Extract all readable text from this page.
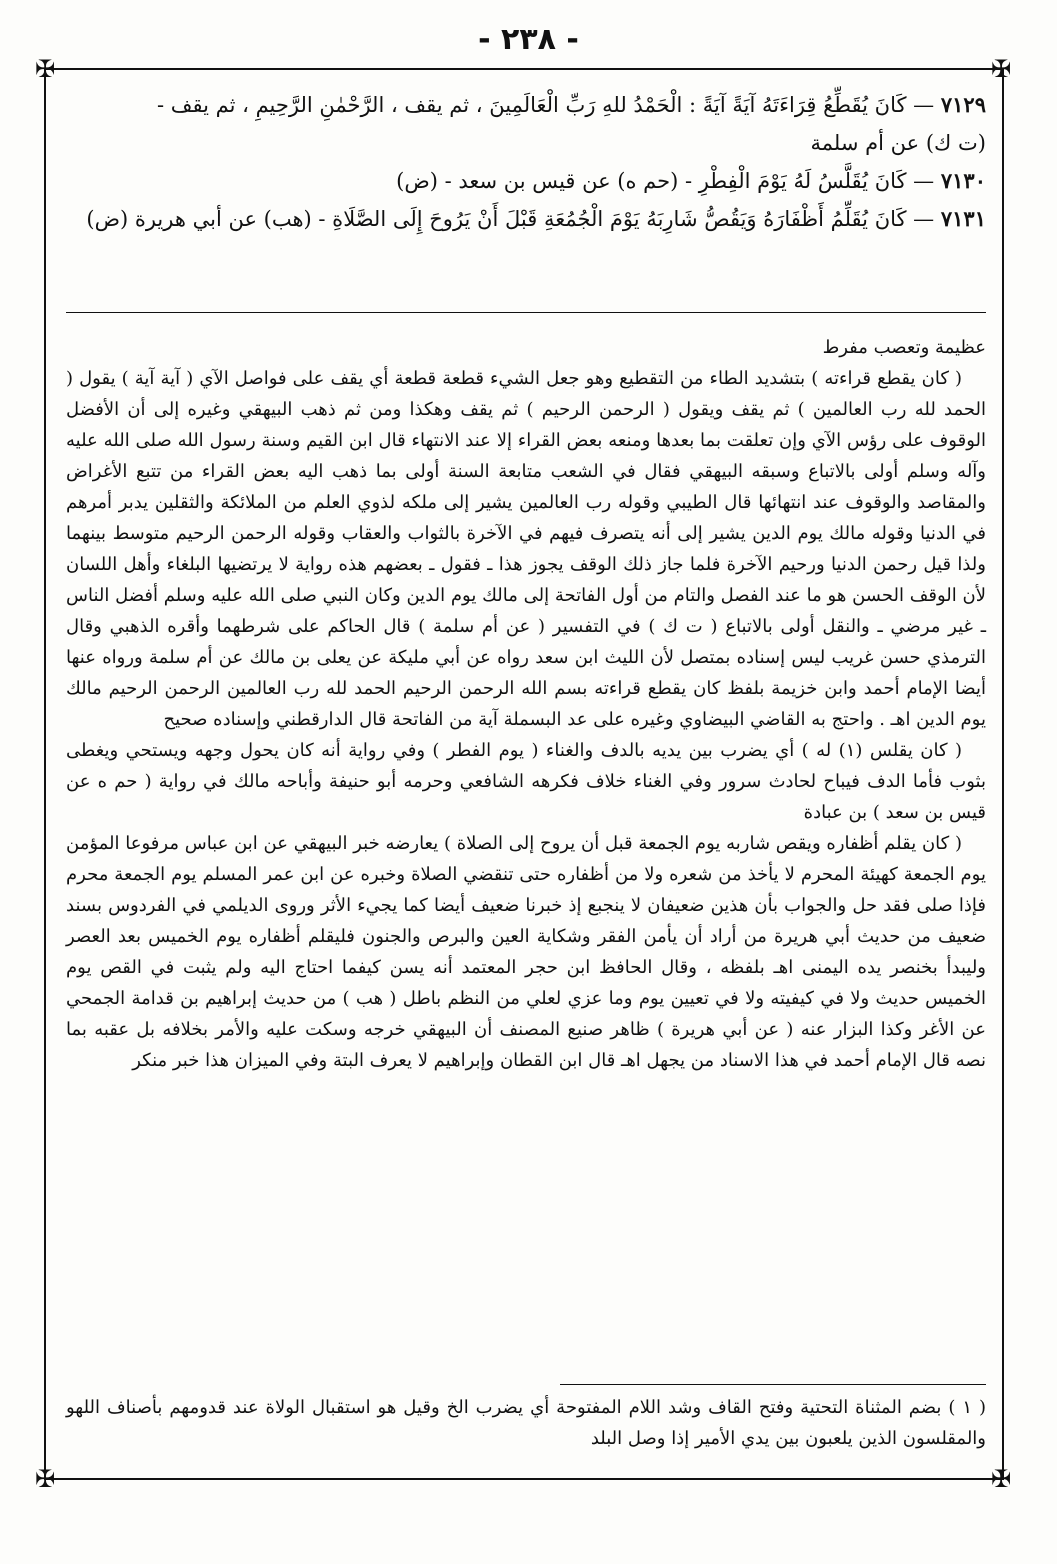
- ٢٣٨ -
✠	✠
✠	✠

٧١٢٩ — كَانَ يُقَطِّعُ قِرَاءَتَهُ آيَةً آيَةً : الْحَمْدُ للهِ رَبِّ الْعَالَمِينَ ، ثم يقف ، الرَّحْمٰنِ الرَّحِيمِ ، ثم يقف -

(ت ك) عن أم سلمة

٧١٣٠ — كَانَ يُقَلَّسُ لَهُ يَوْمَ الْفِطْرِ - (حم ه) عن قيس بن سعد - (ض)

٧١٣١ — كَانَ يُقَلِّمُ أَظْفَارَهُ وَيَقُصُّ شَارِبَهُ يَوْمَ الْجُمُعَةِ قَبْلَ أَنْ يَرُوحَ إِلَى الصَّلَاةِ - (هب) عن أبي هريرة (ض)

عظيمة وتعصب مفرط

( كان يقطع قراءته ) بتشديد الطاء من التقطيع وهو جعل الشيء قطعة قطعة أي يقف على فواصل الآي ( آية آية ) يقول ( الحمد لله رب العالمين ) ثم يقف ويقول ( الرحمن الرحيم ) ثم يقف وهكذا ومن ثم ذهب البيهقي وغيره إلى أن الأفضل الوقوف على رؤس الآي وإن تعلقت بما بعدها ومنعه بعض القراء إلا عند الانتهاء قال ابن القيم وسنة رسول الله صلى الله عليه وآله وسلم أولى بالاتباع وسبقه البيهقي فقال في الشعب متابعة السنة أولى بما ذهب اليه بعض القراء من تتبع الأغراض والمقاصد والوقوف عند انتهائها قال الطيبي وقوله رب العالمين يشير إلى ملكه لذوي العلم من الملائكة والثقلين يدبر أمرهم في الدنيا وقوله مالك يوم الدين يشير إلى أنه يتصرف فيهم في الآخرة بالثواب والعقاب وقوله الرحمن الرحيم متوسط بينهما ولذا قيل رحمن الدنيا ورحيم الآخرة فلما جاز ذلك الوقف يجوز هذا ـ فقول ـ بعضهم هذه رواية لا يرتضيها البلغاء وأهل اللسان لأن الوقف الحسن هو ما عند الفصل والتام من أول الفاتحة إلى مالك يوم الدين وكان النبي صلى الله عليه وسلم أفضل الناس ـ غير مرضي ـ والنقل أولى بالاتباع ( ت ك ) في التفسير ( عن أم سلمة ) قال الحاكم على شرطهما وأقره الذهبي وقال الترمذي حسن غريب ليس إسناده بمتصل لأن الليث ابن سعد رواه عن أبي مليكة عن يعلى بن مالك عن أم سلمة ورواه عنها أيضا الإمام أحمد وابن خزيمة بلفظ كان يقطع قراءته بسم الله الرحمن الرحيم الحمد لله رب العالمين الرحمن الرحيم مالك يوم الدين اهـ . واحتج به القاضي البيضاوي وغيره على عد البسملة آية من الفاتحة قال الدارقطني وإسناده صحيح

( كان يقلس (١) له ) أي يضرب بين يديه بالدف والغناء ( يوم الفطر ) وفي رواية أنه كان يحول وجهه ويستحي ويغطى بثوب فأما الدف فيباح لحادث سرور وفي الغناء خلاف فكرهه الشافعي وحرمه أبو حنيفة وأباحه مالك في رواية ( حم ه عن قيس بن سعد ) بن عبادة

( كان يقلم أظفاره ويقص شاربه يوم الجمعة قبل أن يروح إلى الصلاة ) يعارضه خبر البيهقي عن ابن عباس مرفوعا المؤمن يوم الجمعة كهيئة المحرم لا يأخذ من شعره ولا من أظفاره حتى تنقضي الصلاة وخبره عن ابن عمر المسلم يوم الجمعة محرم فإذا صلى فقد حل والجواب بأن هذين ضعيفان لا ينجبع إذ خبرنا ضعيف أيضا كما يجيء الأثر وروى الديلمي في الفردوس بسند ضعيف من حديث أبي هريرة من أراد أن يأمن الفقر وشكاية العين والبرص والجنون فليقلم أظفاره يوم الخميس بعد العصر وليبدأ بخنصر يده اليمنى اهـ بلفظه ، وقال الحافظ ابن حجر المعتمد أنه يسن كيفما احتاج اليه ولم يثبت في القص يوم الخميس حديث ولا في كيفيته ولا في تعيين يوم وما عزي لعلي من النظم باطل ( هب ) من حديث إبراهيم بن قدامة الجمحي عن الأغر وكذا البزار عنه ( عن أبي هريرة ) ظاهر صنيع المصنف أن البيهقي خرجه وسكت عليه والأمر بخلافه بل عقبه بما نصه قال الإمام أحمد في هذا الاسناد من يجهل اهـ قال ابن القطان وإبراهيم لا يعرف البتة وفي الميزان هذا خبر منكر

( ١ ) بضم المثناة التحتية وفتح القاف وشد اللام المفتوحة أي يضرب الخ وقيل هو استقبال الولاة عند قدومهم بأصناف اللهو والمقلسون الذين يلعبون بين يدي الأمير إذا وصل البلد
